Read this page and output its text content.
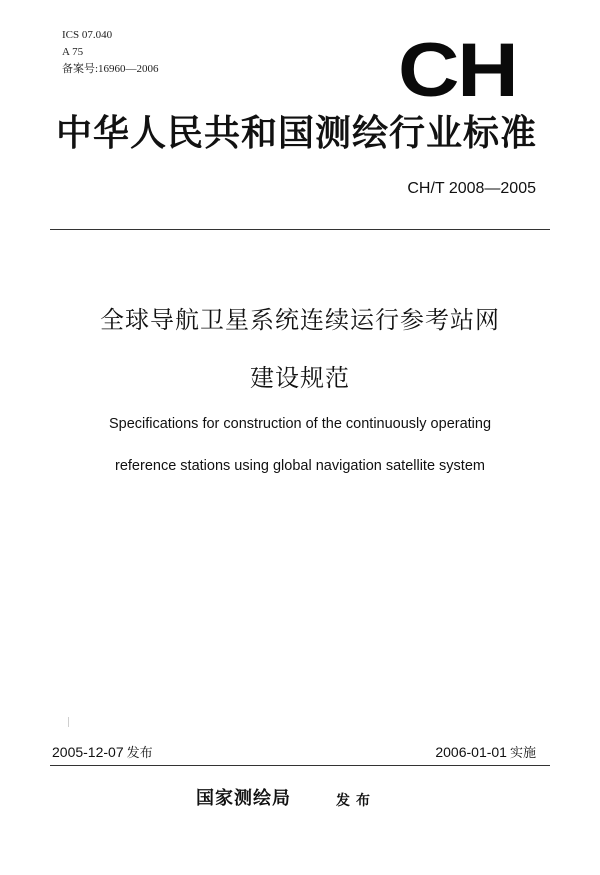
ICS 07.040
A 75
备案号:16960—2006	CH
中华人民共和国测绘行业标准
CH/T 2008—2005
全球导航卫星系统连续运行参考站网
建设规范
Specifications for construction of the continuously operating
reference stations using global navigation satellite system
2005-12-07 发布	2006-01-01 实施
国家测绘局	发布
